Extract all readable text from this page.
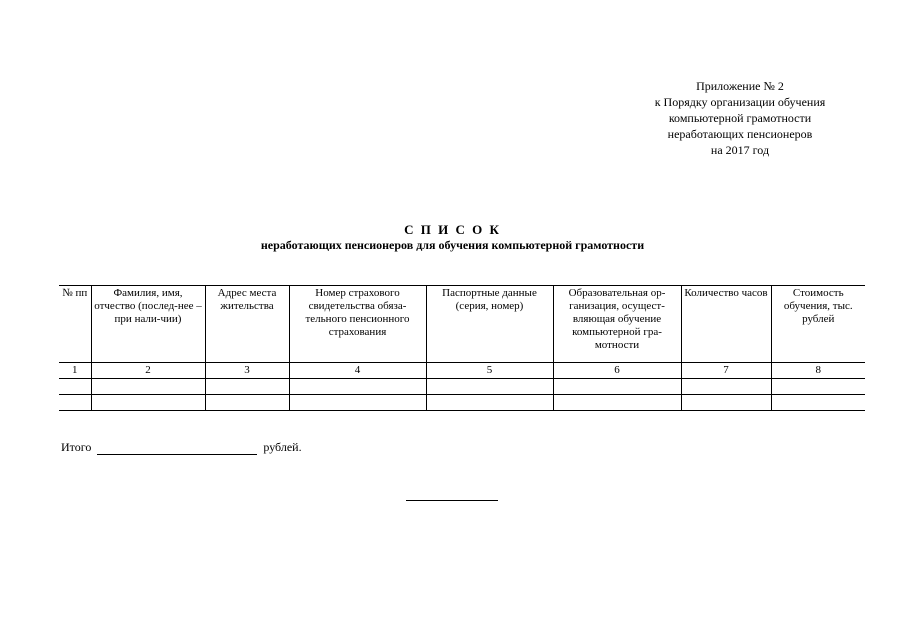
Приложение № 2
к Порядку организации обучения
компьютерной грамотности
неработающих пенсионеров
на 2017 год
С П И С О К
неработающих пенсионеров для обучения компьютерной грамотности
№ пп	Фамилия, имя, отчество (послед-нее – при нали-чии)	Адрес места жительства	Номер страхового свидетельства обяза-тельного пенсионного страхования	Паспортные данные (серия, номер)	Образовательная ор-ганизация, осущест-вляющая обучение компьютерной гра-мотности	Количество часов	Стоимость обучения, тыс. рублей
1	2	3	4	5	6	7	8

Итого	рублей.
